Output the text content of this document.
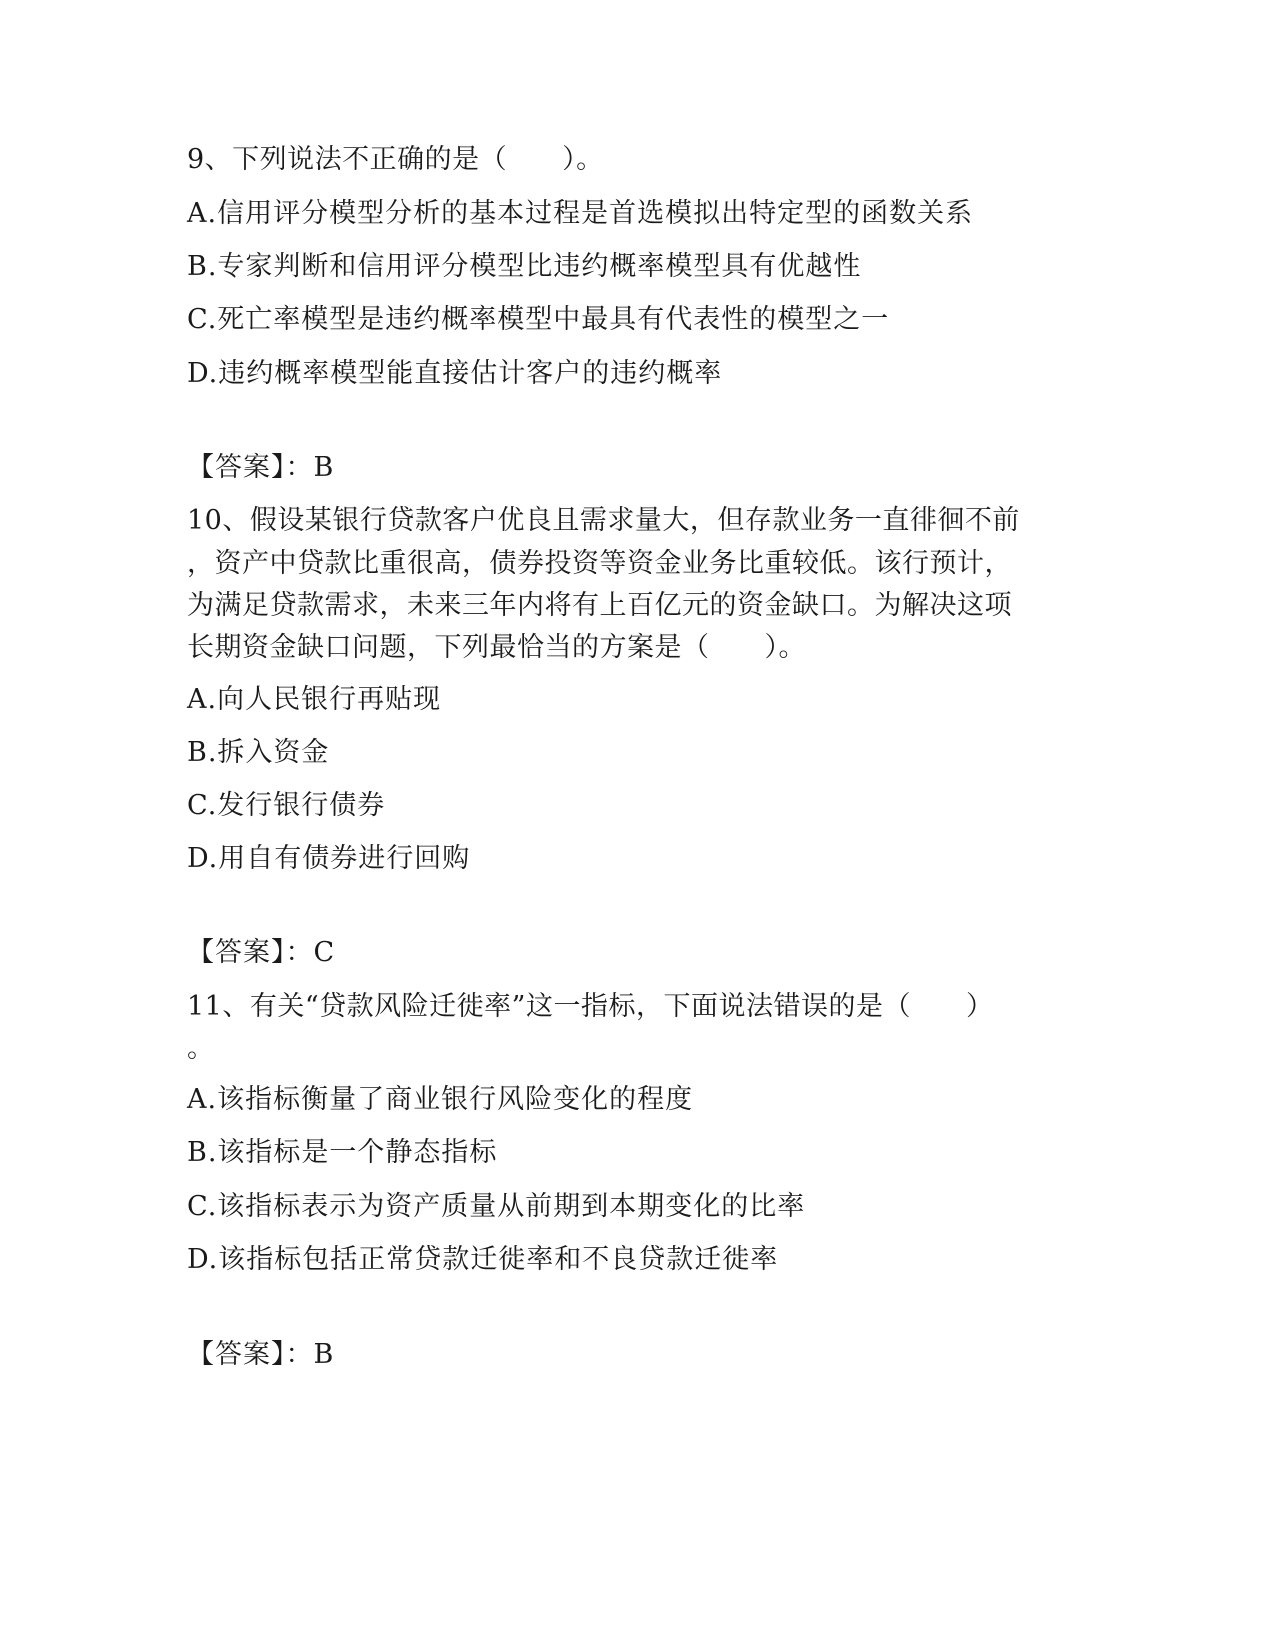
9、下列说法不正确的是（　　）。
A.信用评分模型分析的基本过程是首选模拟出特定型的函数关系
B.专家判断和信用评分模型比违约概率模型具有优越性
C.死亡率模型是违约概率模型中最具有代表性的模型之一
D.违约概率模型能直接估计客户的违约概率
【答案】：B
10、假设某银行贷款客户优良且需求量大，但存款业务一直徘徊不前
，资产中贷款比重很高，债券投资等资金业务比重较低。该行预计，
为满足贷款需求，未来三年内将有上百亿元的资金缺口。为解决这项
长期资金缺口问题，下列最恰当的方案是（　　）。
A.向人民银行再贴现
B.拆入资金
C.发行银行债券
D.用自有债券进行回购
【答案】：C
11、有关“贷款风险迁徙率”这一指标，下面说法错误的是（　　）
。
A.该指标衡量了商业银行风险变化的程度
B.该指标是一个静态指标
C.该指标表示为资产质量从前期到本期变化的比率
D.该指标包括正常贷款迁徙率和不良贷款迁徙率
【答案】：B
